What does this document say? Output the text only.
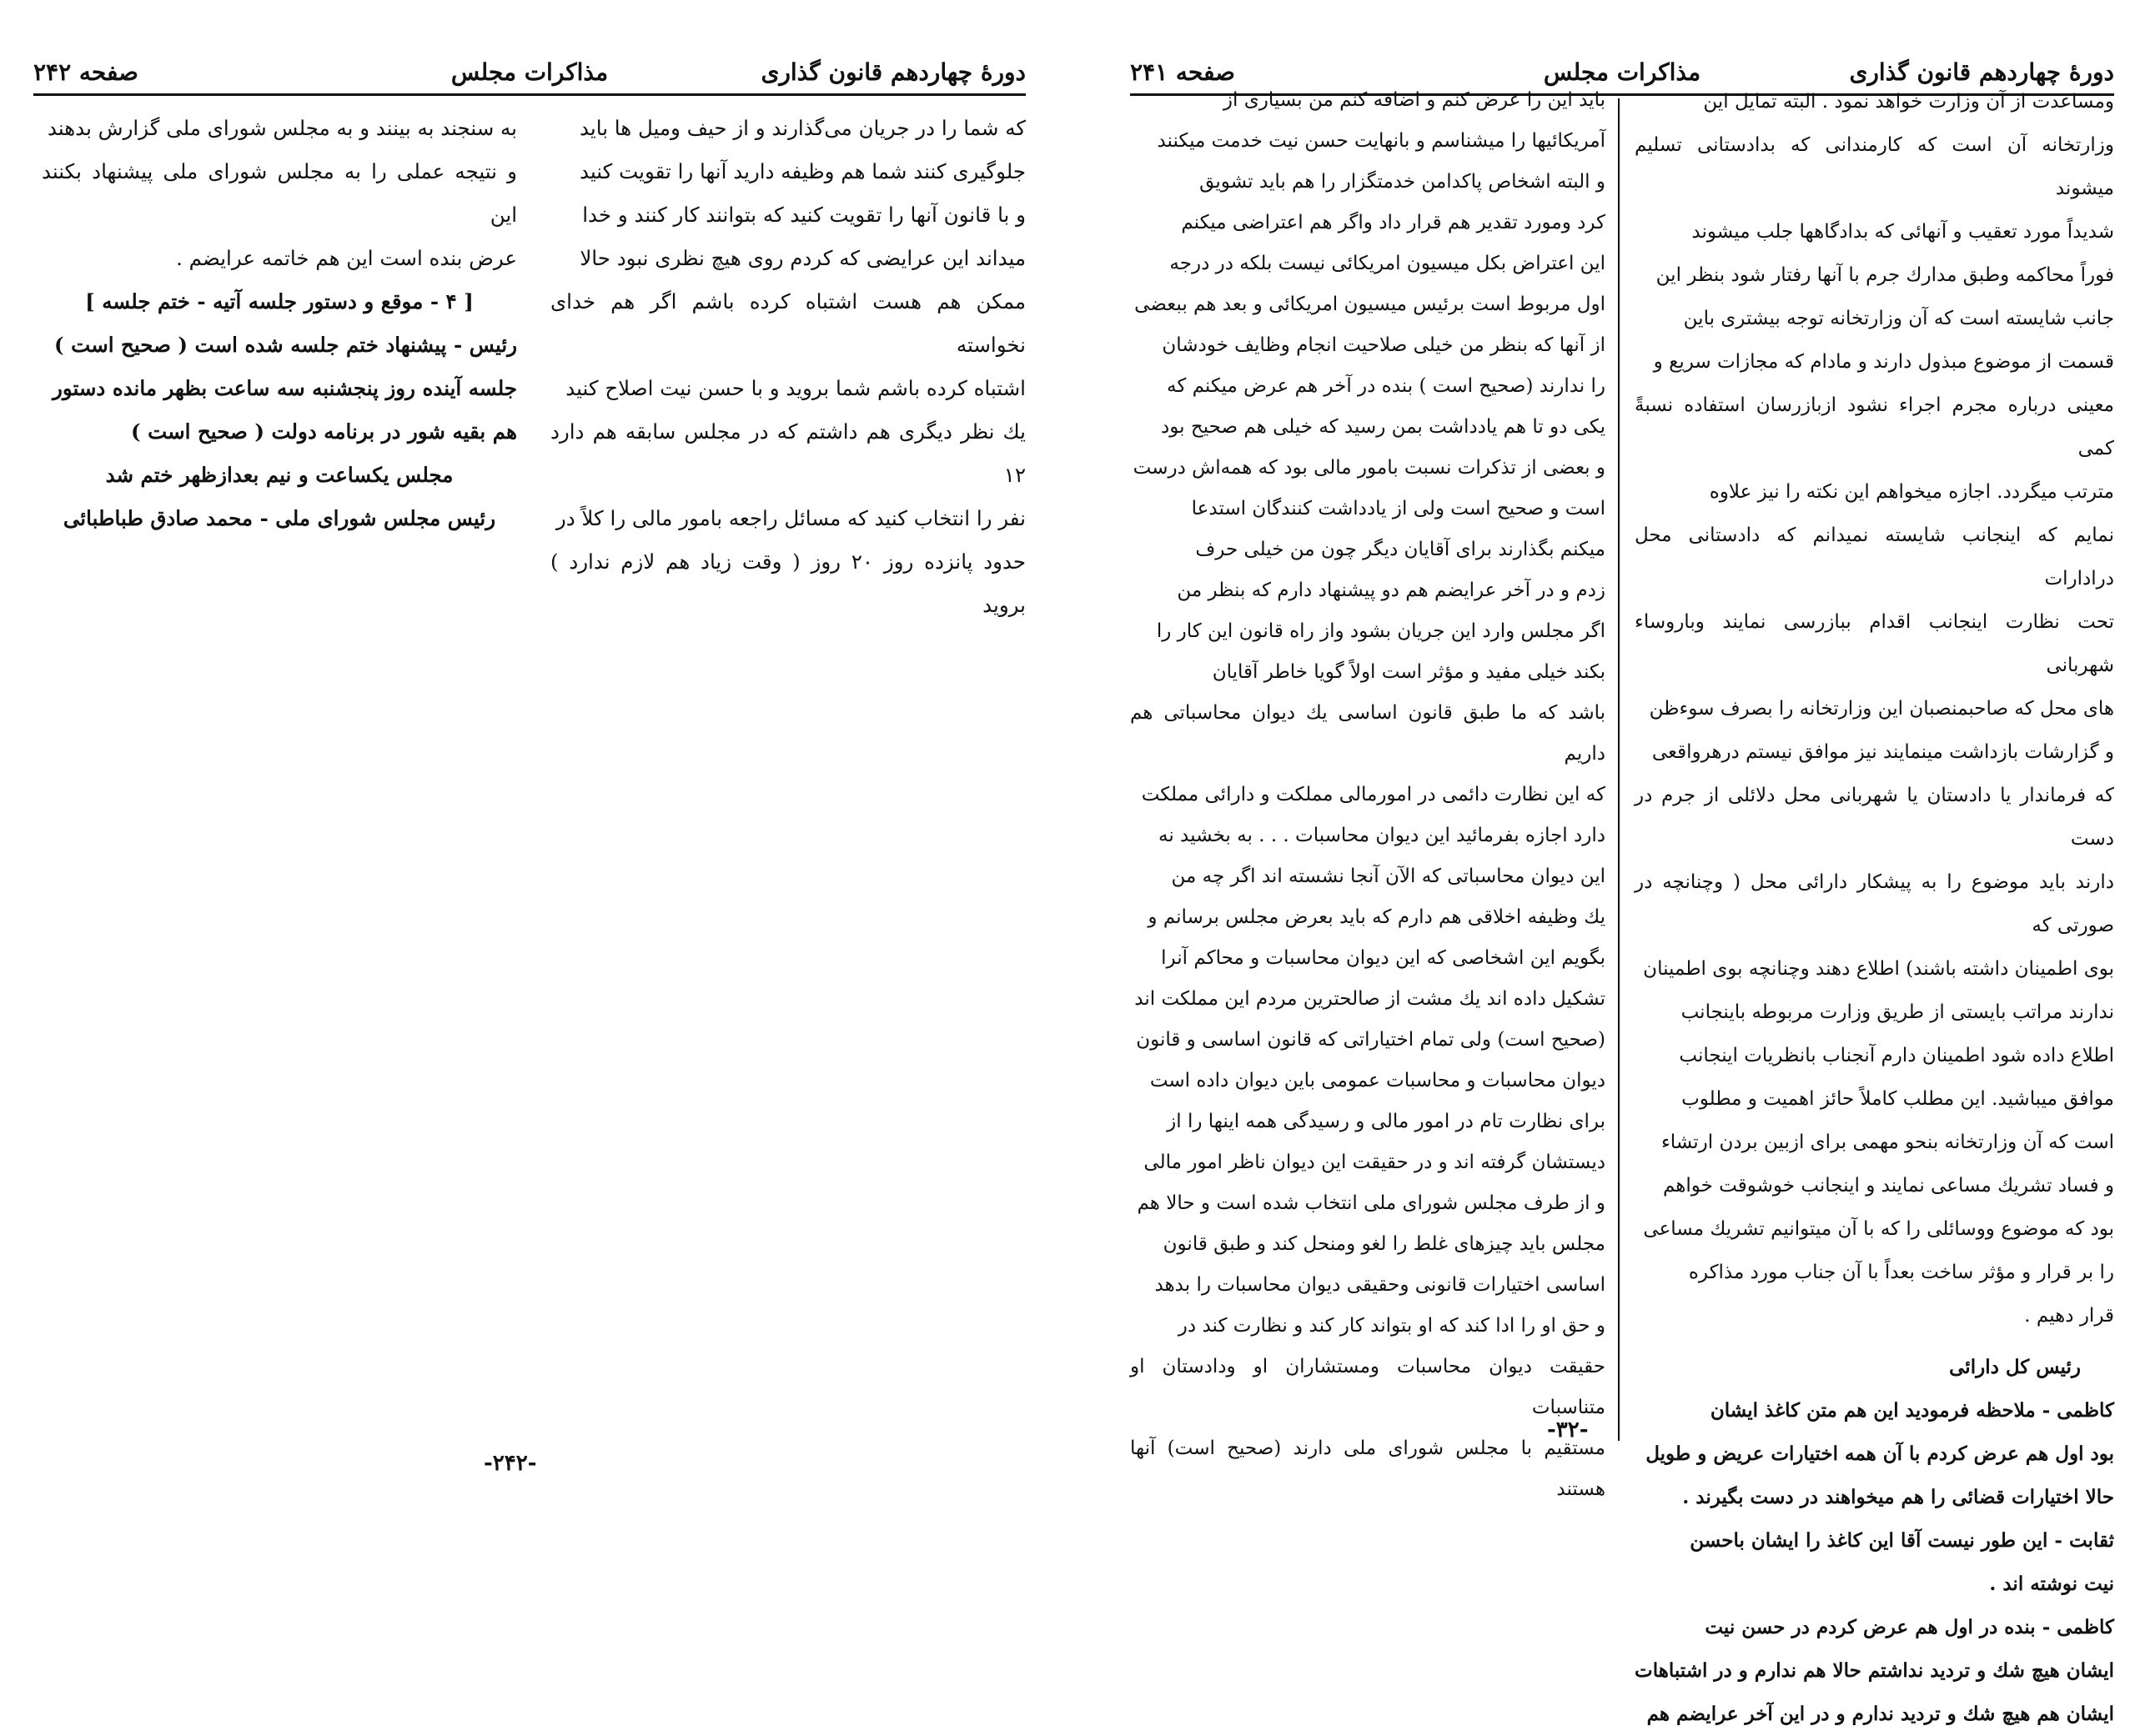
دورهٔ چهاردهم قانون گذاری
مذاکرات مجلس
صفحه ۲۴۲

که شما را در جریان می‌گذارند و از حیف ومیل ها باید

جلوگیری کنند شما هم وظیفه دارید آنها را تقویت کنید

و با قانون آنها را تقویت کنید که بتوانند کار کنند و خدا

میداند این عرایضی که کردم روی هیچ نظری نبود حالا

ممکن هم هست اشتباه کرده باشم اگر هم خدای نخواسته

اشتباه کرده باشم شما برويد و با حسن نيت اصلاح كنيد

يك نظر ديگری هم داشتم كه در مجلس سابقه هم دارد ١٢

نفر را انتخاب کنید که مسائل راجعه بامور مالی را کلاً در

حدود پانزده روز ٢٠ روز ( وقت زياد هم لازم ندارد ) برويد

به سنجند به بینند و به مجلس شورای ملی گزارش بدهند

و نتیجه عملی را به مجلس شورای ملی پیشنهاد بکنند این

عرض بنده است این هم خاتمه عرایضم .

[ ۴ - موقع و دستور جلسه آتیه - ختم جلسه ]

رئيس - پيشنهاد ختم جلسه شده است ( صحيح است )

جلسه آینده روز پنجشنبه سه ساعت بظهر مانده دستور

هم بقیه شور در برنامه دولت ( صحيح است )

مجلس يكساعت و نيم بعدازظهر ختم شد

رئیس مجلس شورای ملی - محمد صادق طباطبائی

-۲۴۲-
دورهٔ چهاردهم قانون گذاری
مذاکرات مجلس
صفحه ۲۴۱

ومساعدت از آن وزارت خواهد نمود . البته تمایل این

وزارتخانه آن است که کارمندانی که بدادستانی تسلیم میشوند

شدیداً مورد تعقیب و آنهائی که بدادگاهها جلب میشوند

فوراً محاکمه وطبق مدارك جرم با آنها رفتار شود بنظر این

جانب شایسته است که آن وزارتخانه توجه بیشتری باین

قسمت از موضوع مبذول دارند و مادام که مجازات سریع و

معینی درباره مجرم اجراء نشود ازبازرسان استفاده نسبةً کمی

مترتب میگردد. اجازه میخواهم این نکته را نیز علاوه

نمایم که اینجانب شایسته نمیدانم که دادستانی محل درادارات

تحت نظارت اینجانب اقدام ببازرسی نمایند وباروساء شهربانی

های محل که صاحبمنصبان این وزارتخانه را بصرف سوءظن

و گزارشات بازداشت مینمایند نیز موافق نیستم درهرواقعی

که فرماندار یا دادستان یا شهربانی محل دلائلی از جرم در دست

دارند باید موضوع را به پیشکار دارائی محل ( وچنانچه در صورتی که

بوی اطمینان داشته باشند) اطلاع دهند وچنانچه بوی اطمینان

ندارند مراتب بایستی از طریق وزارت مربوطه باینجانب

اطلاع داده شود اطمینان دارم آنجناب بانظریات اینجانب

موافق میباشید. این مطلب کاملاً حائز اهمیت و مطلوب

است که آن وزارتخانه بنحو مهمی برای ازبین بردن ارتشاء

و فساد تشریك مساعی نمایند و اینجانب خوشوقت خواهم

بود که موضوع ووسائلی را که با آن میتوانیم تشریك مساعی

را بر قرار و مؤثر ساخت بعداً با آن جناب مورد مذاکره

قرار دهیم .

رئیس کل دارائی

کاظمی - ملاحظه فرمودید این هم متن کاغذ ایشان

بود اول هم عرض کردم با آن همه اختیارات عریض و طویل

حالا اختیارات قضائی را هم میخواهند در دست بگیرند .

ثقابت - این طور نیست آقا این کاغذ را ایشان باحسن

نیت نوشته اند .

کاظمی - بنده در اول هم عرض کردم در حسن نیت

ایشان هیچ شك و تردید نداشتم حالا هم ندارم و در اشتباهات

ایشان هم هیچ شك و تردید ندارم و در این آخر عرایضم هم

باید این را عرض کنم و اضافه کنم من بسیاری از

آمریکائیها را میشناسم و بانهایت حسن نیت خدمت میکنند

و البته اشخاص پاکدامن خدمتگزار را هم باید تشویق

کرد ومورد تقدیر هم قرار داد واگر هم اعتراضی میکنم

این اعتراض بکل میسیون امریکائی نیست بلکه در درجه

اول مربوط است برئیس میسیون امریکائی و بعد هم ببعضی

از آنها که بنظر من خیلی صلاحیت انجام وظایف خودشان

را ندارند (صحیح است ) بنده در آخر هم عرض میکنم که

یکی دو تا هم یادداشت بمن رسید که خیلی هم صحیح بود

و بعضی از تذکرات نسبت بامور مالی بود که همه‌اش درست

است و صحیح است ولی از یادداشت کنندگان استدعا

میکنم بگذارند برای آقایان دیگر چون من خیلی حرف

زدم و در آخر عرایضم هم دو پیشنهاد دارم که بنظر من

اگر مجلس وارد این جریان بشود واز راه قانون این کار را

بکند خیلی مفید و مؤثر است اولاً گویا خاطر آقایان

باشد که ما طبق قانون اساسی یك دیوان محاسباتی هم داریم

که این نظارت دائمی در امورمالی مملکت و دارائی مملکت

دارد اجازه بفرمائید این دیوان محاسبات . . . به بخشید نه

این دیوان محاسباتی که الآن آنجا نشسته اند اگر چه من

یك وظیفه اخلاقی هم دارم که باید بعرض مجلس برسانم و

بگویم این اشخاصی که این دیوان محاسبات و محاکم آنرا

تشکیل داده اند یك مشت از صالحترین مردم این مملکت اند

(صحیح است) ولی تمام اختیاراتی که قانون اساسی و قانون

دیوان محاسبات و محاسبات عمومی باین دیوان داده است

برای نظارت تام در امور مالی و رسیدگی همه اینها را از

دیستشان گرفته اند و در حقیقت این دیوان ناظر امور مالی

و از طرف مجلس شورای ملی انتخاب شده است و حالا هم

مجلس باید چیزهای غلط را لغو ومنحل کند و طبق قانون

اساسی اختیارات قانونی وحقیقی دیوان محاسبات را بدهد

و حق او را ادا کند که او بتواند کار کند و نظارت کند در

حقیقت دیوان محاسبات ومستشاران او ودادستان او متناسبات

مستقیم با مجلس شورای ملی دارند (صحیح است) آنها هستند

-۳۲-
